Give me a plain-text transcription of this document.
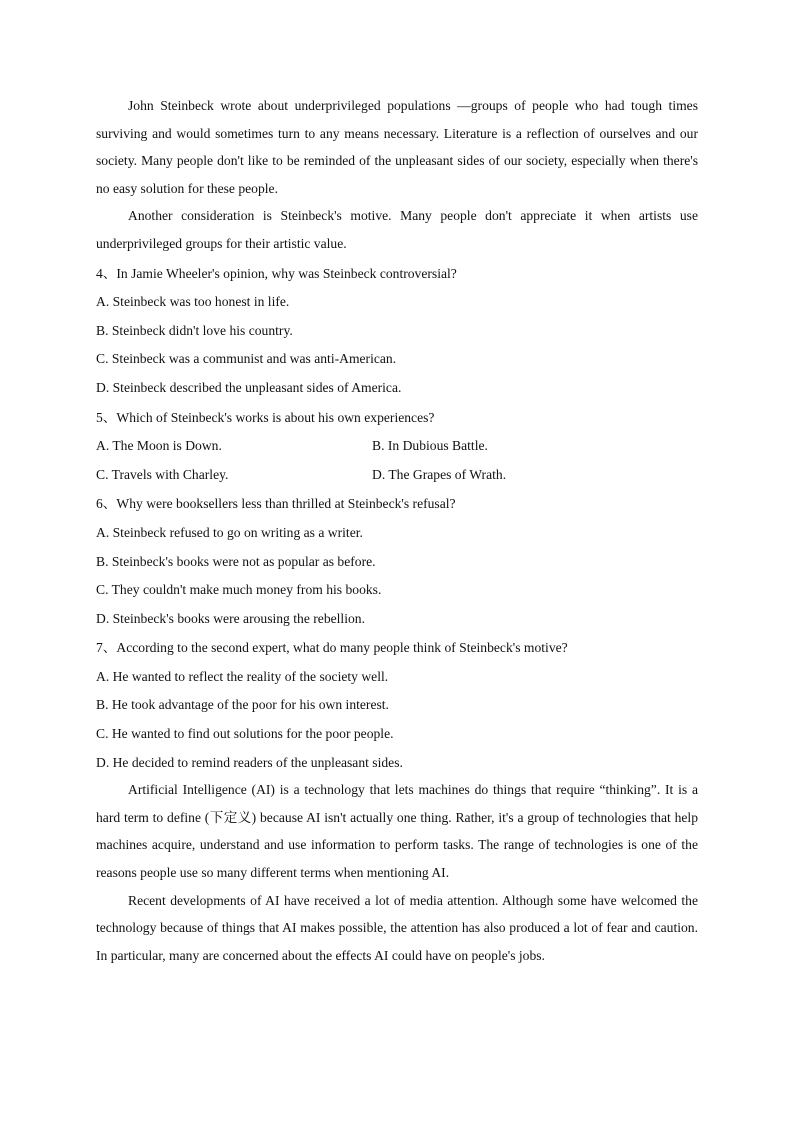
John Steinbeck wrote about underprivileged populations —groups of people who had tough times surviving and would sometimes turn to any means necessary. Literature is a reflection of ourselves and our society. Many people don't like to be reminded of the unpleasant sides of our society, especially when there's no easy solution for these people.

Another consideration is Steinbeck's motive. Many people don't appreciate it when artists use underprivileged groups for their artistic value.

4、In Jamie Wheeler's opinion, why was Steinbeck controversial?

A. Steinbeck was too honest in life.

B. Steinbeck didn't love his country.

C. Steinbeck was a communist and was anti-American.

D. Steinbeck described the unpleasant sides of America.

5、Which of Steinbeck's works is about his own experiences?

A. The Moon is Down.	B. In Dubious Battle.
C. Travels with Charley.	D. The Grapes of Wrath.

6、Why were booksellers less than thrilled at Steinbeck's refusal?

A. Steinbeck refused to go on writing as a writer.

B. Steinbeck's books were not as popular as before.

C. They couldn't make much money from his books.

D. Steinbeck's books were arousing the rebellion.

7、According to the second expert, what do many people think of Steinbeck's motive?

A. He wanted to reflect the reality of the society well.

B. He took advantage of the poor for his own interest.

C. He wanted to find out solutions for the poor people.

D. He decided to remind readers of the unpleasant sides.

Artificial Intelligence (AI) is a technology that lets machines do things that require “thinking”. It is a hard term to define (下定义) because AI isn't actually one thing. Rather, it's a group of technologies that help machines acquire, understand and use information to perform tasks. The range of technologies is one of the reasons people use so many different terms when mentioning AI.

Recent developments of AI have received a lot of media attention. Although some have welcomed the technology because of things that AI makes possible, the attention has also produced a lot of fear and caution. In particular, many are concerned about the effects AI could have on people's jobs.
